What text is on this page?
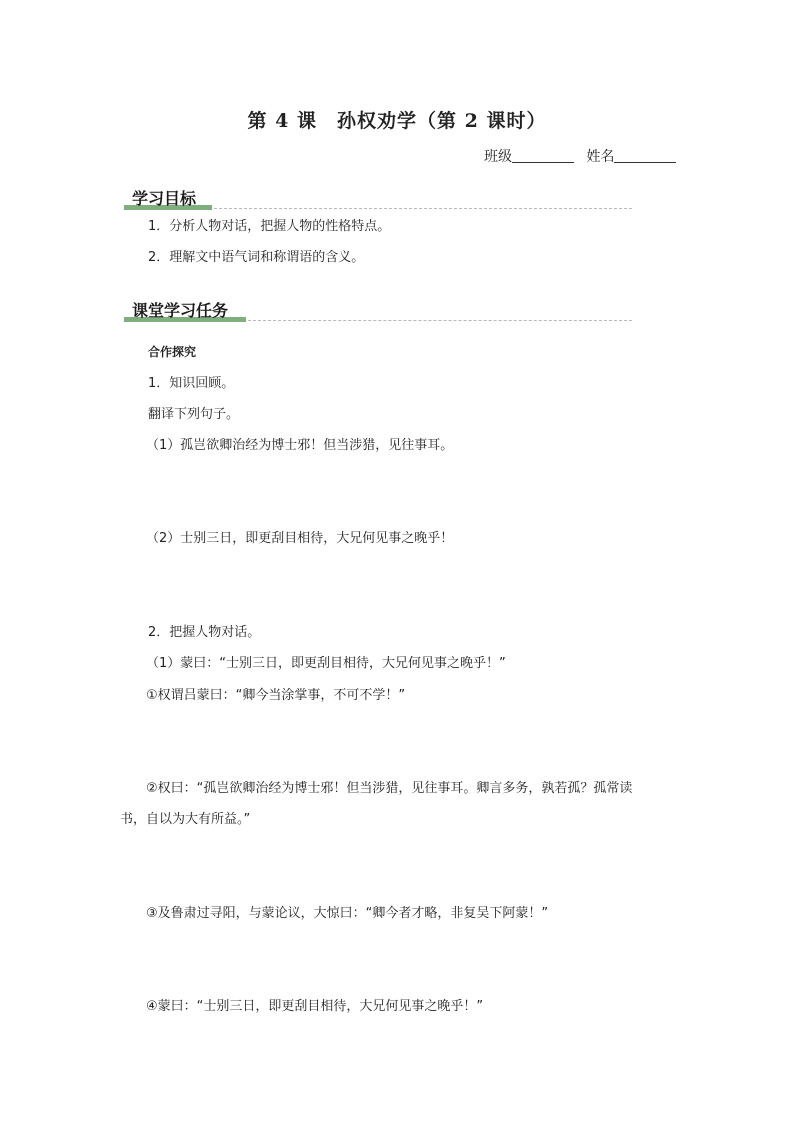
第 4 课　孙权劝学（第 2 课时）
班级	姓名
学习目标
1．分析人物对话，把握人物的性格特点。
2．理解文中语气词和称谓语的含义。
课堂学习任务
合作探究
1．知识回顾。
翻译下列句子。
（1）孤岂欲卿治经为博士邪！但当涉猎，见往事耳。
（2）士别三日，即更刮目相待，大兄何见事之晚乎！
2．把握人物对话。
（1）蒙曰：“士别三日，即更刮目相待，大兄何见事之晚乎！”
①权谓吕蒙曰：“卿今当涂掌事，不可不学！”
②权曰：“孤岂欲卿治经为博士邪！但当涉猎，见往事耳。卿言多务，孰若孤？孤常读
书，自以为大有所益。”
③及鲁肃过寻阳，与蒙论议，大惊曰：“卿今者才略，非复吴下阿蒙！”
④蒙曰：“士别三日，即更刮目相待，大兄何见事之晚乎！”
